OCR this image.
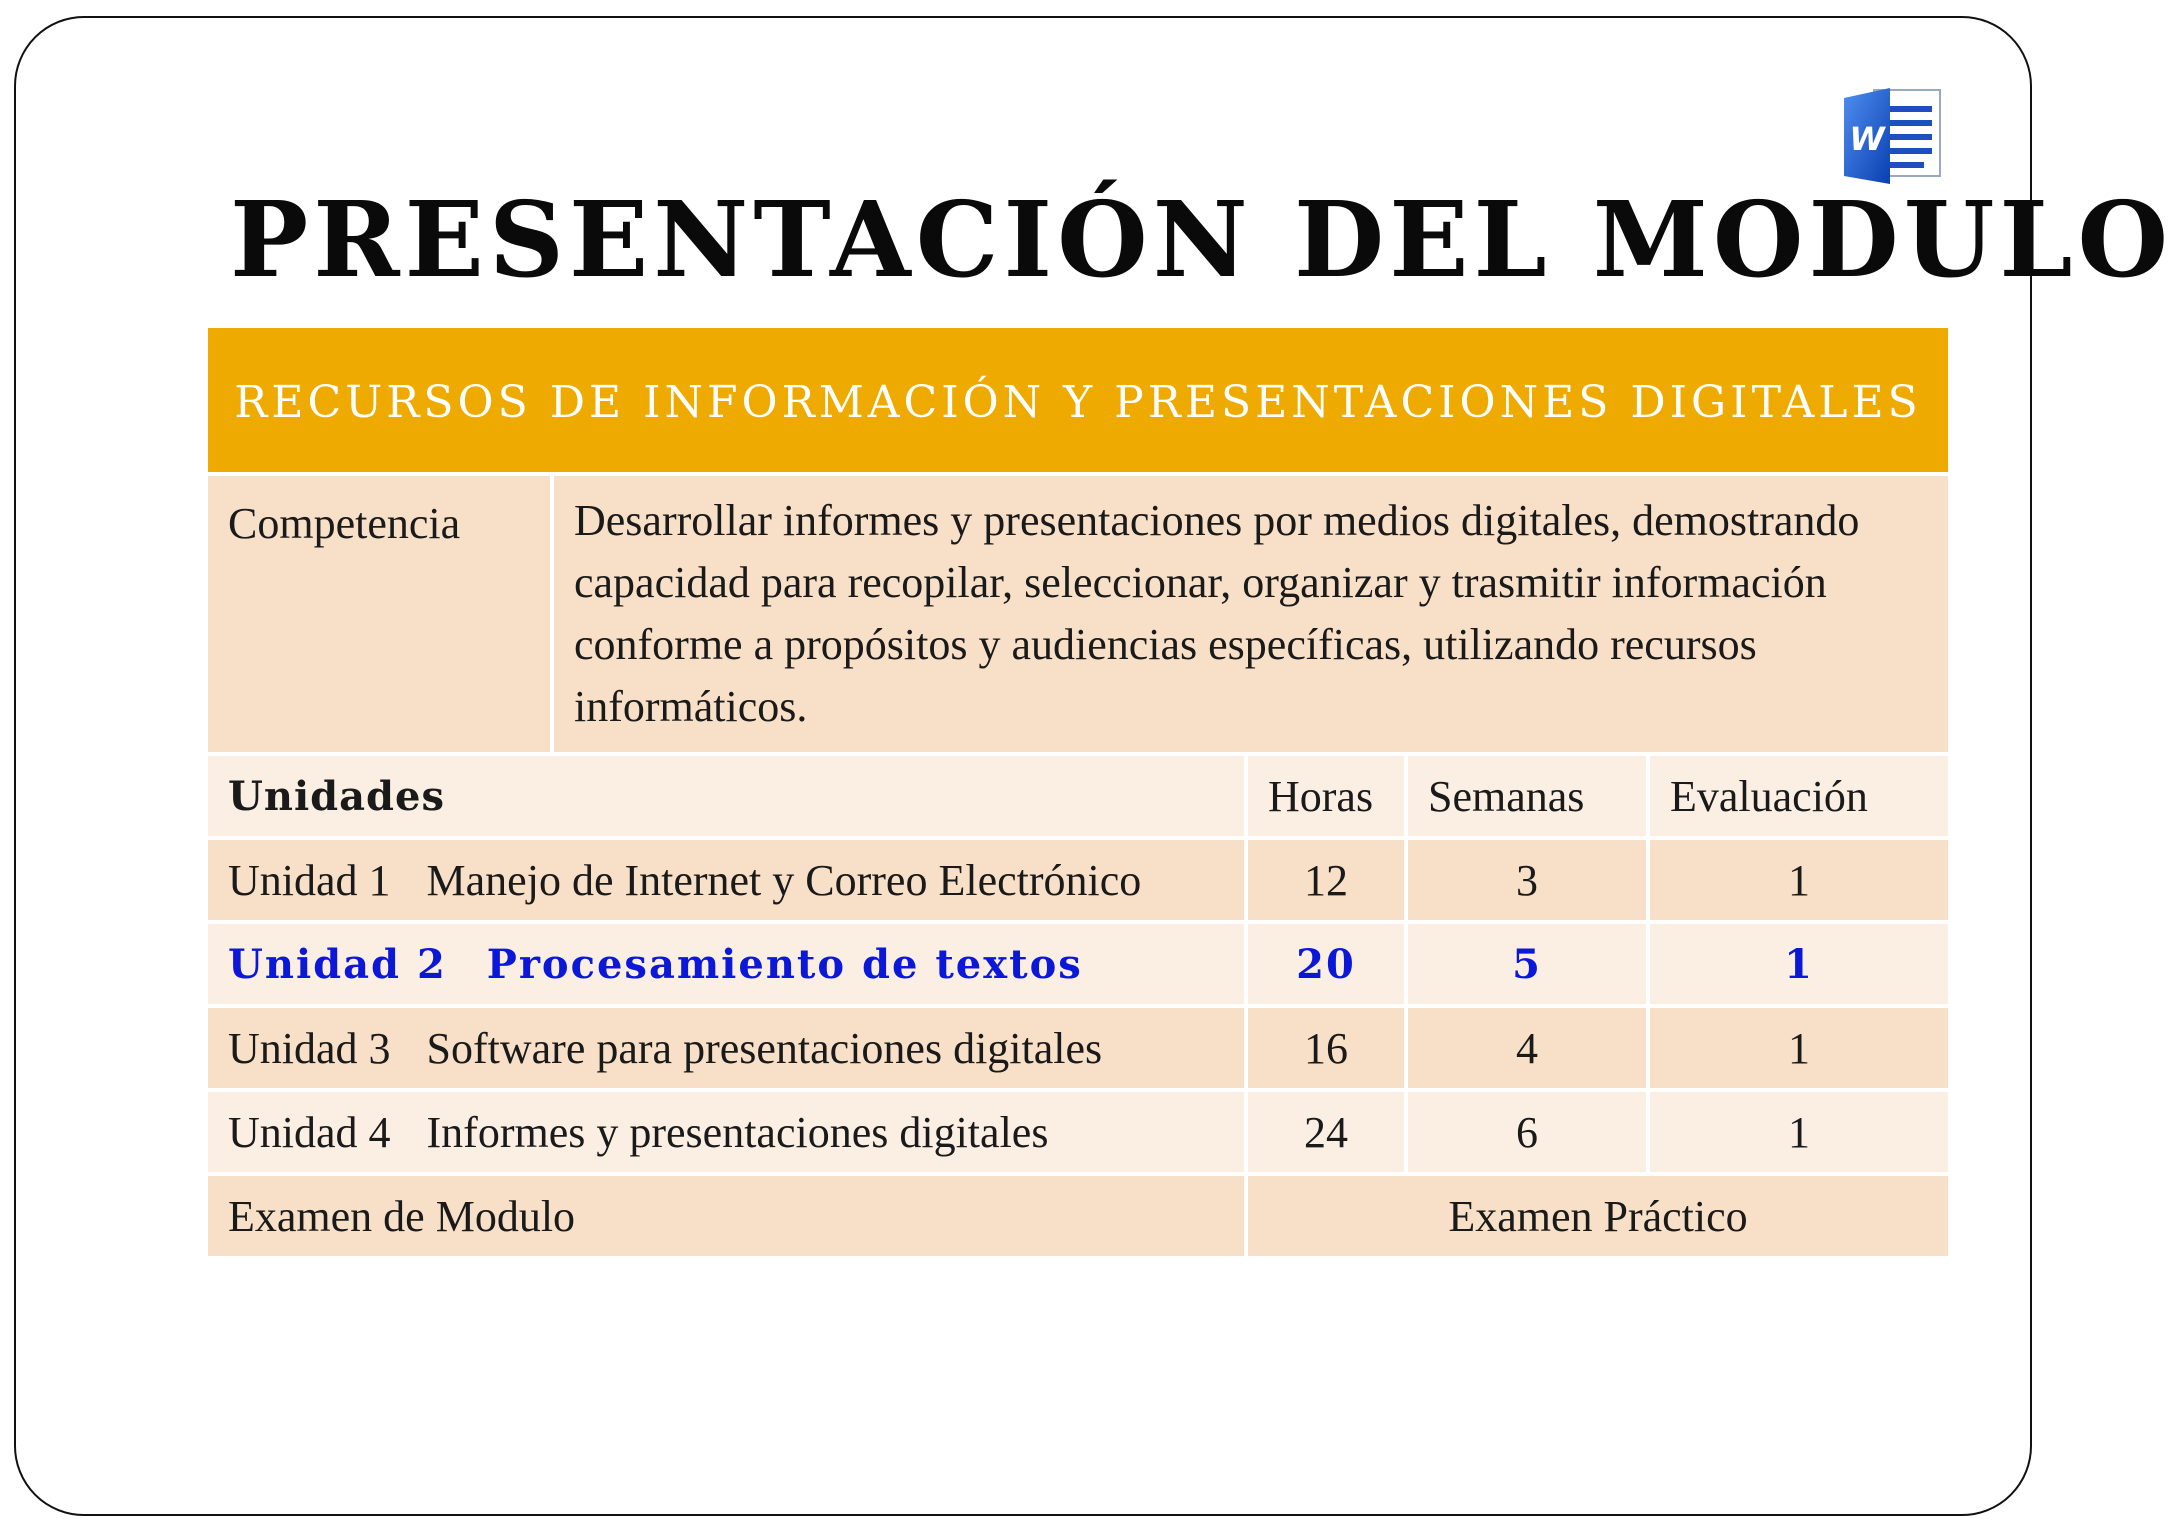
W
PRESENTACIÓN DEL MODULO
RECURSOS DE INFORMACIÓN Y PRESENTACIONES DIGITALES				
Competencia	Desarrollar informes y presentaciones por medios digitales, demostrando capacidad para recopilar, seleccionar, organizar y trasmitir información conforme a propósitos y audiencias específicas, utilizando recursos informáticos.			
Unidades		Horas	Semanas	Evaluación
Unidad 1 Manejo de Internet y Correo Electrónico		12	3	1
Unidad 2 Procesamiento de textos		20	5	1
Unidad 3 Software para presentaciones digitales		16	4	1
Unidad 4 Informes y presentaciones digitales		24	6	1
Examen de Modulo		Examen Práctico		
